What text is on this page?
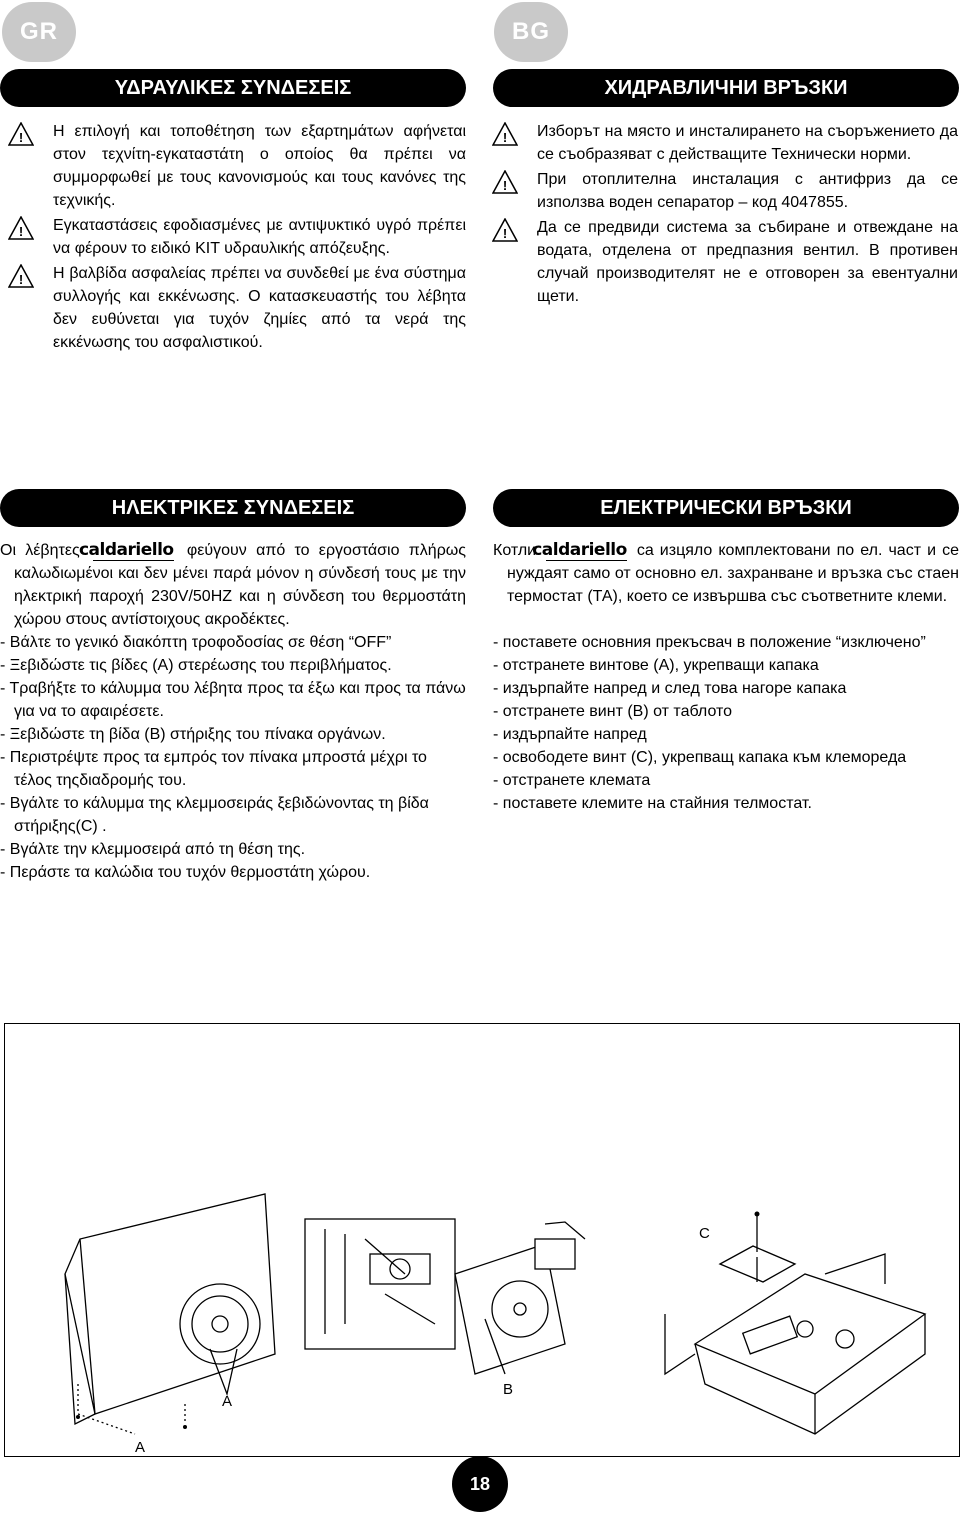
GR	BG
ΥΔΡΑΥΛΙΚΕΣ ΣΥΝΔΕΣΕΙΣ	ХИДРАВЛИЧНИ ВРЪЗКИ
! Η επιλογή και τοποθέτηση των εξαρτημάτων αφήνεται στον τεχνίτη-εγκαταστάτη ο οποίος θα πρέπει να συμμορφωθεί με τους κανονισμούς και τους κανόνες της τεχνικής.
! Εγκαταστάσεις εφοδιασμένες με αντιψυκτικό υγρό πρέπει να φέρουν το ειδικό KIT υδραυλικής απόζευξης.
! Η βαλβίδα ασφαλείας πρέπει να συνδεθεί με ένα σύστημα συλλογής και εκκένωσης. Ο κατασκευαστής του λέβητα δεν ευθύνεται για τυχόν ζημίες από τα νερά της εκκένωσης του ασφαλιστικού.
! Изборът на място и инсталирането на съоръжението да се съобразяват с действащите Технически норми.
! При отоплителна инсталация с антифриз да се използва воден сепаратор – код 4047855.
! Да се предвиди система за събиране и отвеждане на водата, отделена от предпазния вентил. В противен случай производителят не е отговорен за евентуални щети.
ΗΛΕΚΤΡΙΚΕΣ ΣΥΝΔΕΣΕΙΣ	ЕЛЕКТРИЧЕСКИ ВРЪЗКИ
Οι λέβητες caldariello φεύγουν από το εργοστάσιο πλήρως καλωδιωμένοι και δεν μένει παρά μόνον η σύνδεσή τους με την ηλεκτρική παροχή 230V/50HZ και η σύνδεση του θερμοστάτη χώρου στους αντίστοιχους ακροδέκτες.
- Βάλτε το γενικό διακόπτη τροφοδοσίας σε θέση “OFF”
- Ξεβιδώστε τις βίδες (A) στερέωσης του περιβλήματος.
- Τραβήξτε το κάλυμμα του λέβητα προς τα έξω και προς τα πάνω για να το αφαιρέσετε.
- Ξεβιδώστε τη βίδα (B) στήριξης του πίνακα οργάνων.
- Περιστρέψτε προς τα εμπρός τον πίνακα μπροστά μέχρι το τέλος τηςδιαδρομής του.
- Βγάλτε το κάλυμμα της κλεμμοσειράς ξεβιδώνοντας τη βίδα στήριξης(C) .
- Βγάλτε την κλεμμοσειρά από τη θέση της.
- Περάστε τα καλώδια του τυχόν θερμοστάτη χώρου.
Котли caldariello са изцяло комплектовани по ел. част и се нуждаят само от основно ел. захранване и връзка със стаен термостат (ТА), което се извършва със съответните клеми.
- поставете основния прекъсвач в положение “изключено”
- отстранете винтове (А), укрепващи капака
- издърпайте напред и след това нагоре капака
- отстранете винт (В) от таблото
- издърпайте напред
- освободете винт (С), укрепващ капака към клеморедa
- отстранете клемата
- поставете клемите на стайния телмостат.
A
A
B
C
18
